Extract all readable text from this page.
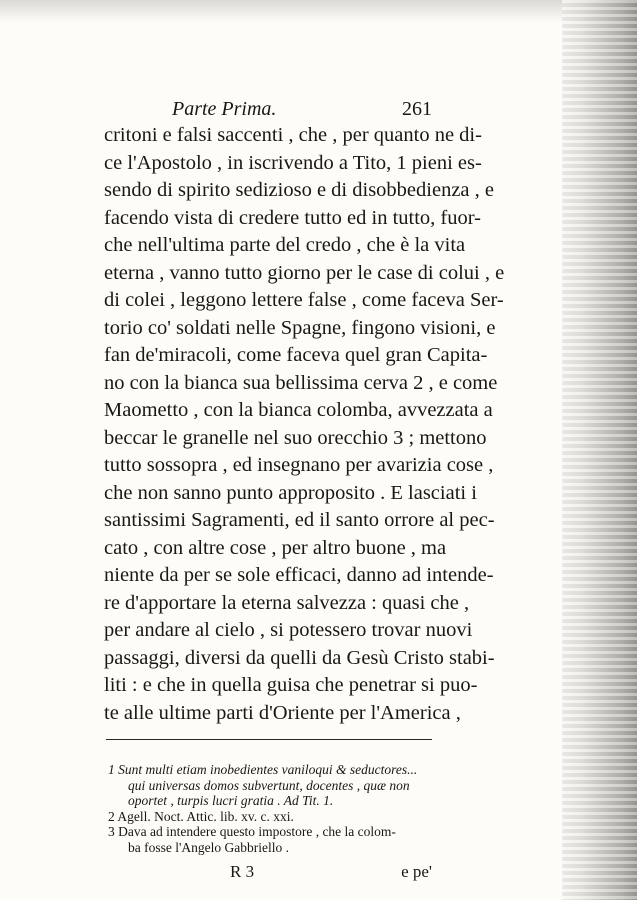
Parte Prima.	261
critoni e falsi saccenti , che , per quanto ne di-
ce l'Apostolo , in iscrivendo a Tito, 1 pieni es-
sendo di spirito sedizioso e di disobbedienza , e
facendo vista di credere tutto ed in tutto, fuor-
che nell'ultima parte del credo , che è la vita
eterna , vanno tutto giorno per le case di colui , e
di colei , leggono lettere false , come faceva Ser-
torio co' soldati nelle Spagne, fingono visioni, e
fan de'miracoli, come faceva quel gran Capita-
no con la bianca sua bellissima cerva 2 , e come
Maometto , con la bianca colomba, avvezzata a
beccar le granelle nel suo orecchio 3 ; mettono
tutto sossopra , ed insegnano per avarizia cose ,
che non sanno punto approposito . E lasciati i
santissimi Sagramenti, ed il santo orrore al pec-
cato , con altre cose , per altro buone , ma
niente da per se sole efficaci, danno ad intende-
re d'apportare la eterna salvezza : quasi che ,
per andare al cielo , si potessero trovar nuovi
passaggi, diversi da quelli da Gesù Cristo stabi-
liti : e che in quella guisa che penetrar si puo-
te alle ultime parti d'Oriente per l'America ,
1 Sunt multi etiam inobedientes vaniloqui & seductores...
qui universas domos subvertunt, docentes , quæ non
oportet , turpis lucri gratia . Ad Tit. 1.
2 Agell. Noct. Attic. lib. xv. c. xxi.
3 Dava ad intendere questo impostore , che la colom-
ba fosse l'Angelo Gabbriello .
R 3	e pe'
